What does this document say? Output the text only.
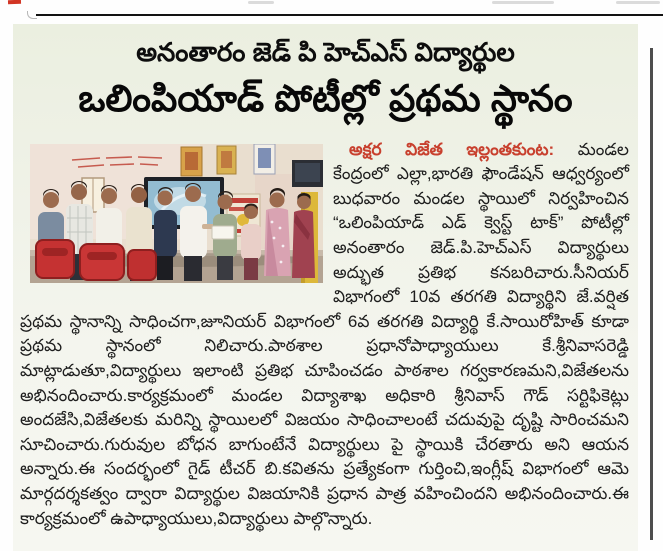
అనంతారం జెడ్ పి హెచ్‌ఎస్ విద్యార్థుల
ఒలింపియాడ్ పోటీల్లో ప్రథమ స్థానం

అక్షర విజేత ఇల్లంతకుంట: మండల కేంద్రంలో ఎల్లా,భారతి ఫౌండేషన్ ఆధ్వర్యంలో బుధవారం మండల స్థాయిలో నిర్వహించిన “ఒలింపియాడ్ ఎడ్ క్వెస్ట్ టాక్” పోటీల్లో అనంతారం జెడ్.పి.హెచ్ఎస్ విద్యార్థులు అద్భుత ప్రతిభ కనబరిచారు.సీనియర్ విభాగంలో 10వ తరగతి విద్యార్థిని జే.వర్షిత ప్రథమ స్థానాన్ని సాధించగా,జూనియర్ విభాగంలో 6వ తరగతి విద్యార్థి కే.సాయిరోహిత్ కూడా ప్రథమ స్థానంలో నిలిచారు.పాఠశాల ప్రధానోపాధ్యాయులు కే.శ్రీనివాసరెడ్డి మాట్లాడుతూ,విద్యార్థులు ఇలాంటి ప్రతిభ చూపించడం పాఠశాల గర్వకారణమని,విజేతలను అభినందించారు.కార్యక్రమంలో మండల విద్యాశాఖ అధికారి శ్రీనివాస్ గౌడ్ సర్టిఫికెట్లు అందజేసి,విజేతలకు మరిన్ని స్థాయిలలో విజయం సాధించాలంటే చదువుపై దృష్టి సారించమని సూచించారు.గురువుల బోధన బాగుంటేనే విద్యార్థులు పై స్థాయికి చేరతారు అని ఆయన అన్నారు.ఈ సందర్భంలో గైడ్ టీచర్ బి.కవితను ప్రత్యేకంగా గుర్తించి,ఇంగ్లీష్ విభాగంలో ఆమె మార్గదర్శకత్వం ద్వారా విద్యార్థుల విజయానికి ప్రధాన పాత్ర వహించిందని అభినందించారు.ఈ కార్యక్రమంలో ఉపాధ్యాయులు,విద్యార్థులు పాల్గొన్నారు.
